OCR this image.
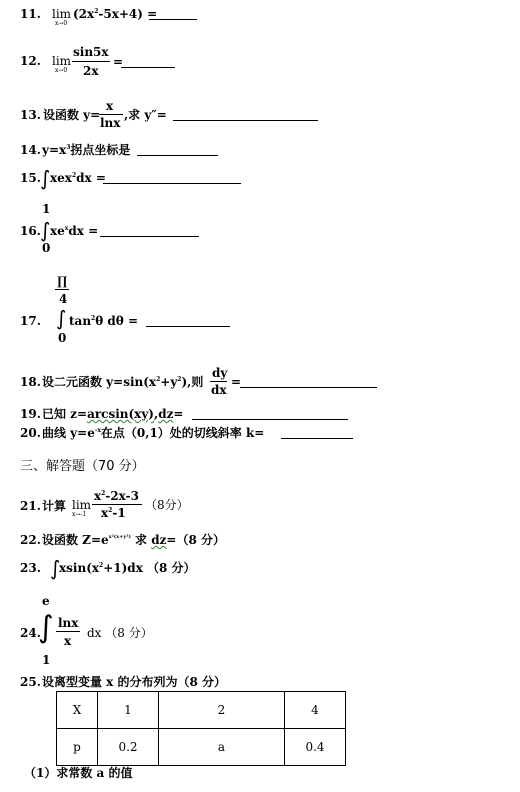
11. lim
x→0
$(2x^2-5x+4)$ =
12. lim
x→0
sin5x
2x
=
13. 设函数 y=
x
lnx
,求 y″=
14. $y=x^3$拐点坐标是
15. ∫ xex$^2$dx =
1
16. ∫ $xe^xdx$ =
0
∏
4
17. ∫ $\tan^2\theta$ dθ =
0
18. 设二元函数 $y=\sin(x^2+y^2)$,则
dy
dx
=
19. 已知 z=arcsin(xy),dz=
20. 曲线 $y=e^{-x}$在点（0,1）处的切线斜率 k=
三、解答题（70 分）
21. 计算 lim
x→-1
$x^2-2x-3$
$x^2-1$
（8分）
22. 设函数 $Z=e^{x^2(x+y^2)}$ 求 dz=（8 分）
23. ∫
$xsin(x^2+1)dx$ （8 分）
e
24.
∫ lnx
x
dx （8 分）
1
25. 设离型变量 x 的分布列为（8 分）
X	1	2	4
p	0.2	a	0.4
（1）求常数 a 的值
